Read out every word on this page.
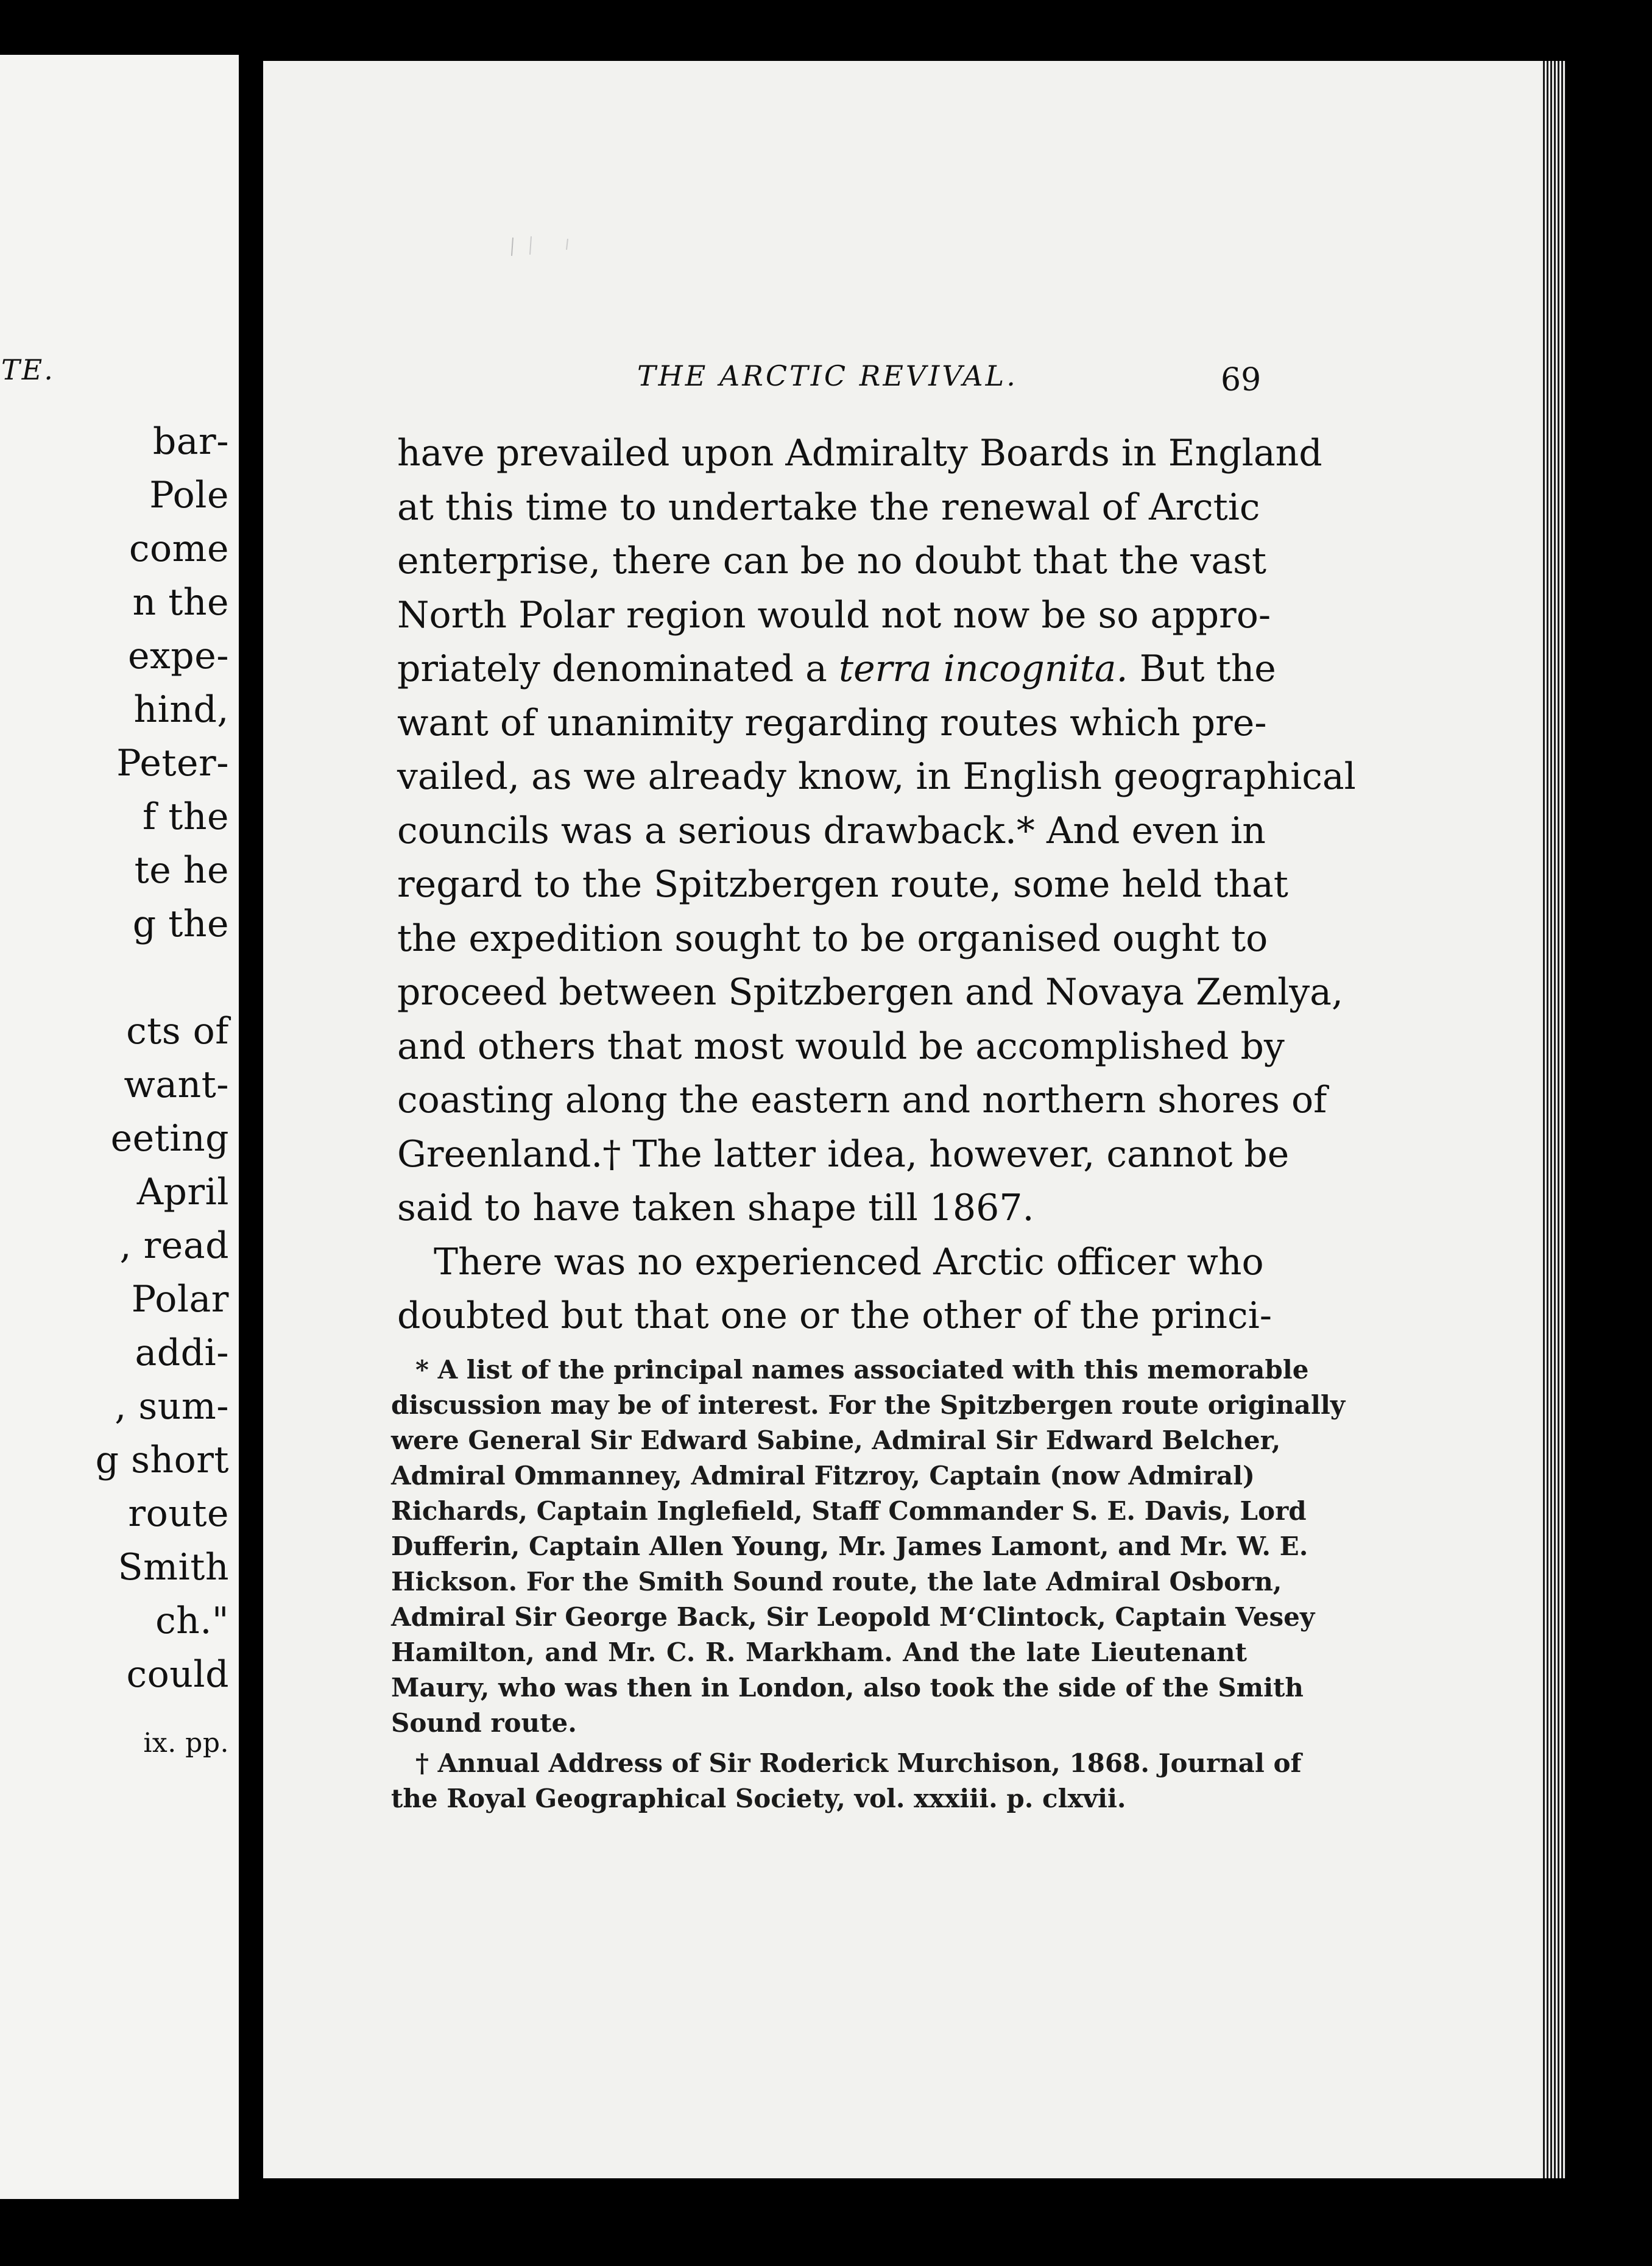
TE.
bar-
Pole
come
n the
expe-
hind,
Peter-
f the
te he
g the
cts of
want-
eeting
April
, read
Polar
addi-
, sum-
g short
route
Smith
ch."
could
ix. pp.
THE ARCTIC REVIVAL.	69
have prevailed upon Admiralty Boards in England
at this time to undertake the renewal of Arctic
enterprise, there can be no doubt that the vast
North Polar region would not now be so appro-
priately denominated a terra incognita. But the
want of unanimity regarding routes which pre-
vailed, as we already know, in English geographical
councils was a serious drawback.* And even in
regard to the Spitzbergen route, some held that
the expedition sought to be organised ought to
proceed between Spitzbergen and Novaya Zemlya,
and others that most would be accomplished by
coasting along the eastern and northern shores of
Greenland.† The latter idea, however, cannot be
said to have taken shape till 1867.
There was no experienced Arctic officer who
doubted but that one or the other of the princi-
* A list of the principal names associated with this memorable
discussion may be of interest. For the Spitzbergen route originally
were General Sir Edward Sabine, Admiral Sir Edward Belcher,
Admiral Ommanney, Admiral Fitzroy, Captain (now Admiral)
Richards, Captain Inglefield, Staff Commander S. E. Davis, Lord
Dufferin, Captain Allen Young, Mr. James Lamont, and Mr. W. E.
Hickson. For the Smith Sound route, the late Admiral Osborn,
Admiral Sir George Back, Sir Leopold M‘Clintock, Captain Vesey
Hamilton, and Mr. C. R. Markham. And the late Lieutenant
Maury, who was then in London, also took the side of the Smith
Sound route.
† Annual Address of Sir Roderick Murchison, 1868. Journal of
the Royal Geographical Society, vol. xxxiii. p. clxvii.
